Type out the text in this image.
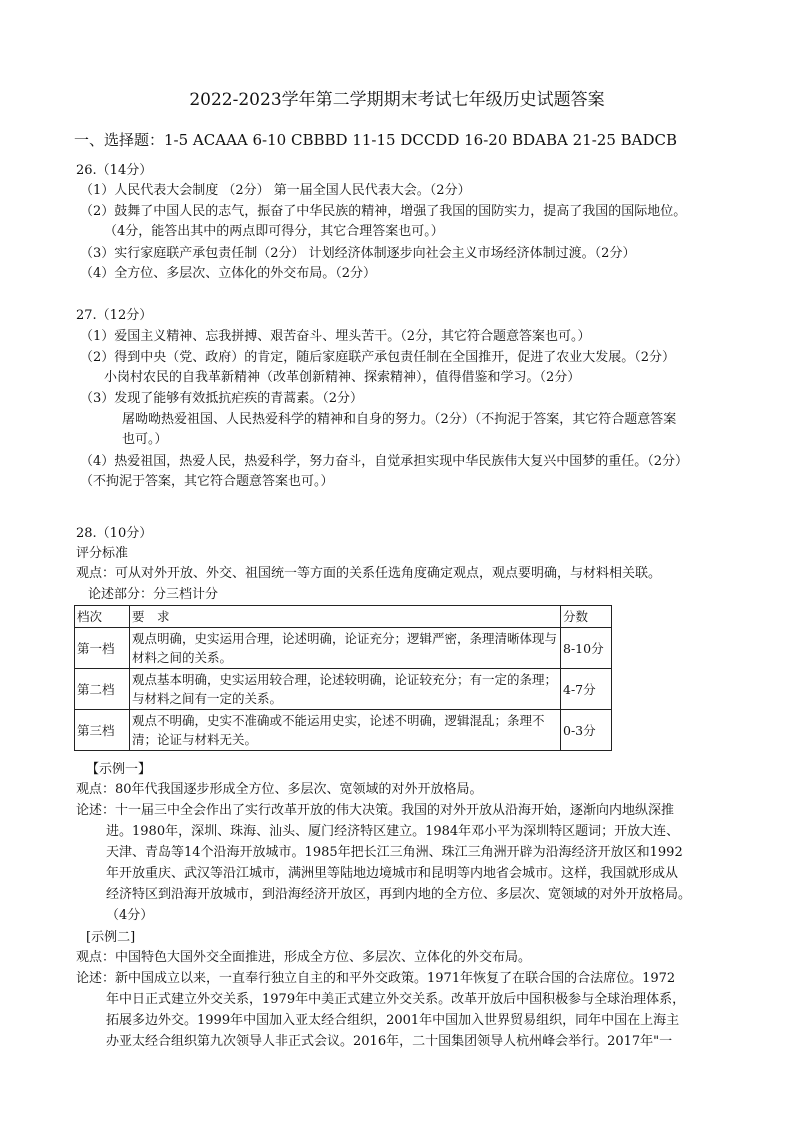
2022-2023学年第二学期期末考试七年级历史试题答案
一、选择题：1-5 ACAAA 6-10 CBBBD 11-15 DCCDD 16-20 BDABA 21-25 BADCB
26.（14分）
（1）人民代表大会制度 （2分） 第一届全国人民代表大会。（2分）
（2）鼓舞了中国人民的志气，振奋了中华民族的精神，增强了我国的国防实力，提高了我国的国际地位。
（4分，能答出其中的两点即可得分，其它合理答案也可。）
（3）实行家庭联产承包责任制（2分） 计划经济体制逐步向社会主义市场经济体制过渡。（2分）
（4）全方位、多层次、立体化的外交布局。（2分）
27.（12分）
（1）爱国主义精神、忘我拼搏、艰苦奋斗、埋头苦干。（2分，其它符合题意答案也可。）
（2）得到中央（党、政府）的肯定，随后家庭联产承包责任制在全国推开，促进了农业大发展。（2分）
小岗村农民的自我革新精神（改革创新精神、探索精神），值得借鉴和学习。（2分）
（3）发现了能够有效抵抗疟疾的青蒿素。（2分）
屠呦呦热爱祖国、人民热爱科学的精神和自身的努力。（2分）（不拘泥于答案，其它符合题意答案
也可。）
（4）热爱祖国，热爱人民，热爱科学，努力奋斗，自觉承担实现中华民族伟大复兴中国梦的重任。（2分）
（不拘泥于答案，其它符合题意答案也可。）
28.（10分）
评分标准
观点：可从对外开放、外交、祖国统一等方面的关系任选角度确定观点，观点要明确，与材料相关联。
论述部分：分三档计分
档次	要　求	分数
第一档	观点明确，史实运用合理，论述明确，论证充分；逻辑严密，条理清晰体现与材料之间的关系。	8-10分
第二档	观点基本明确，史实运用较合理，论述较明确，论证较充分；有一定的条理；与材料之间有一定的关系。	4-7分
第三档	观点不明确，史实不准确或不能运用史实，论述不明确，逻辑混乱；条理不清；论证与材料无关。	0-3分
【示例一】
观点：80年代我国逐步形成全方位、多层次、宽领域的对外开放格局。
论述：十一届三中全会作出了实行改革开放的伟大决策。我国的对外开放从沿海开始，逐渐向内地纵深推
进。1980年，深圳、珠海、汕头、厦门经济特区建立。1984年邓小平为深圳特区题词；开放大连、
天津、青岛等14个沿海开放城市。1985年把长江三角洲、珠江三角洲开辟为沿海经济开放区和1992
年开放重庆、武汉等沿江城市，满洲里等陆地边境城市和昆明等内地省会城市。这样，我国就形成从
经济特区到沿海开放城市，到沿海经济开放区，再到内地的全方位、多层次、宽领域的对外开放格局。
（4分）
[示例二]
观点：中国特色大国外交全面推进，形成全方位、多层次、立体化的外交布局。
论述：新中国成立以来，一直奉行独立自主的和平外交政策。1971年恢复了在联合国的合法席位。1972
年中日正式建立外交关系，1979年中美正式建立外交关系。改革开放后中国积极参与全球治理体系，
拓展多边外交。1999年中国加入亚太经合组织，2001年中国加入世界贸易组织，同年中国在上海主
办亚太经合组织第九次领导人非正式会议。2016年，二十国集团领导人杭州峰会举行。2017年"一
